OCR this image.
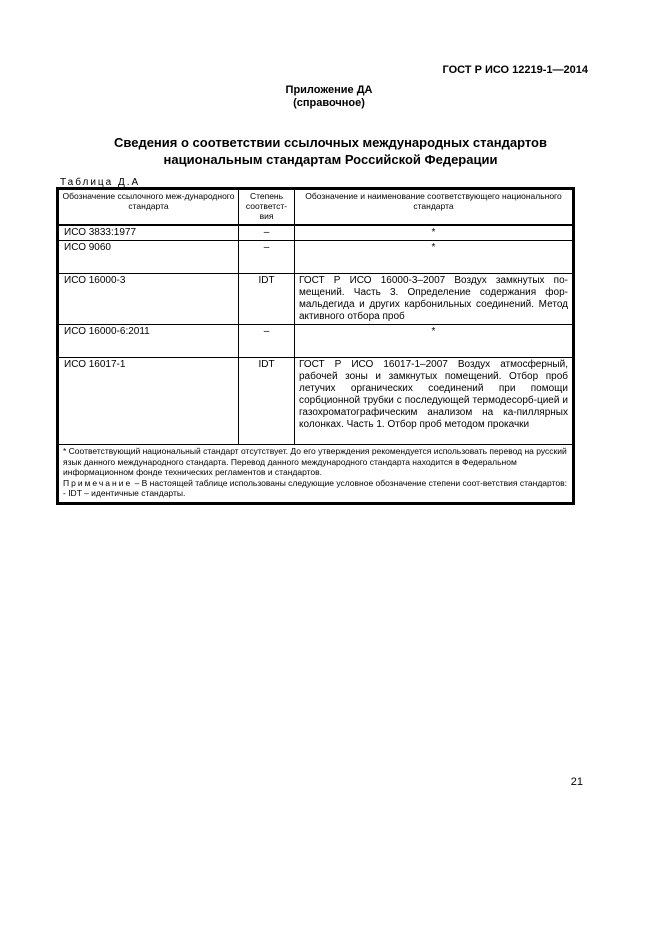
ГОСТ Р ИСО 12219-1—2014
Приложение ДА
(справочное)
Сведения о соответствии ссылочных международных стандартов
национальным стандартам Российской Федерации
Таблица Д.А
Обозначение ссылочного меж-дународного стандарта	Степень соответст-вия	Обозначение и наименование соответствующего национального стандарта
ИСО 3833:1977	–	*
ИСО 9060	–	*
ИСО 16000-3	IDT	ГОСТ Р ИСО 16000-3–2007 Воздух замкнутых по-мещений. Часть 3. Определение содержания фор-мальдегида и других карбонильных соединений. Метод активного отбора проб
ИСО 16000-6:2011	–	*
ИСО 16017-1	IDT	ГОСТ Р ИСО 16017-1–2007 Воздух атмосферный, рабочей зоны и замкнутых помещений. Отбор проб летучих органических соединений при помощи сорбционной трубки с последующей термодесорб-цией и газохроматографическим анализом на ка-пиллярных колонках. Часть 1. Отбор проб методом прокачки

* Соответствующий национальный стандарт отсутствует. До его утверждения рекомендуется использовать перевод на русский язык данного международного стандарта. Перевод данного международного стандарта находится в Федеральном информационном фонде технических регламентов и стандартов.
Примечание – В настоящей таблице использованы следующие условное обозначение степени соот-ветствия стандартов:
- IDT – идентичные стандарты.		
21
